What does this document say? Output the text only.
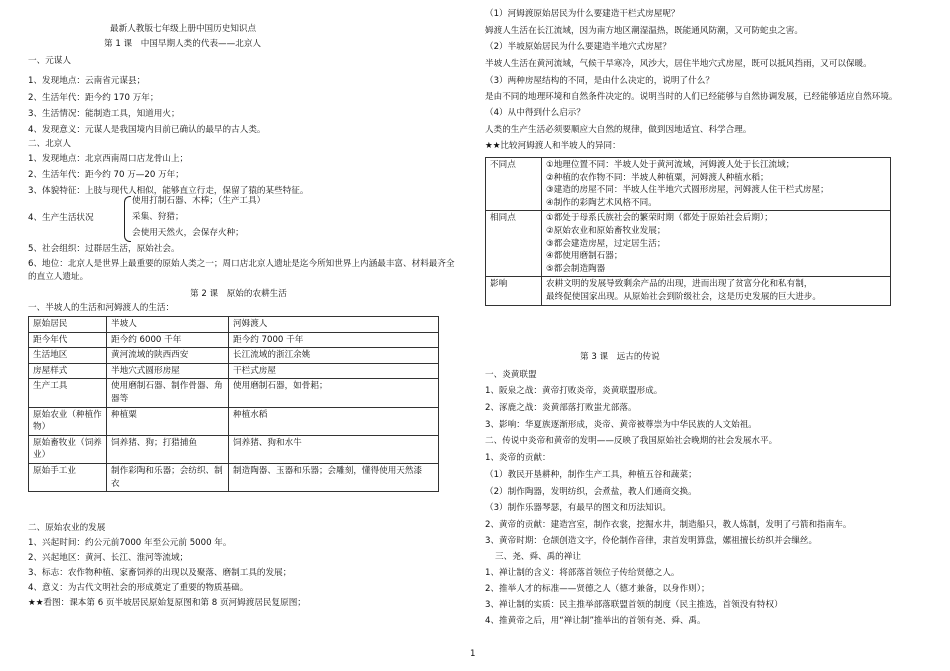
最新人教版七年级上册中国历史知识点
第 1 课　中国早期人类的代表——北京人
一、元谋人
1、发现地点：云南省元谋县；
2、生活年代：距今约 170 万年；
3、生活情况：能制造工具，知道用火；
4、发现意义：元谋人是我国境内目前已确认的最早的古人类。
二、北京人
1、发现地点：北京西南周口店龙骨山上；
2、生活年代：距今约 70 万—20 万年；
3、体貌特征：上肢与现代人相似，能够直立行走，保留了猿的某些特征。
4、生产生活状况
使用打制石器、木棒；（生产工具）
采集、狩猎；
会使用天然火，会保存火种；
5、社会组织：过群居生活，原始社会。
6、地位：北京人是世界上最重要的原始人类之一；周口店北京人遗址是迄今所知世界上内涵最丰富、材料最齐全
的直立人遗址。
第 2 课　原始的农耕生活
一、半坡人的生活和河姆渡人的生活：
原始居民	半坡人	河姆渡人
距今年代	距今约 6000 千年	距今约 7000 千年
生活地区	黄河流域的陕西西安	长江流域的浙江余姚
房屋样式	半地穴式圆形房屋	干栏式房屋
生产工具	使用磨制石器、制作骨器、角器等	使用磨制石器，如骨耜；
原始农业（种植作物）	种植粟	种植水稻
原始畜牧业（饲养业）	饲养猪、狗；打猎捕鱼	饲养猪、狗和水牛
原始手工业	制作彩陶和乐器；会纺织、制衣	制造陶器、玉器和乐器；会雕刻，懂得使用天然漆
二、原始农业的发展
1、兴起时间：约公元前7000 年至公元前 5000 年。
2、兴起地区：黄河、长江、淮河等流域；
3、标志：农作物种植、家畜饲养的出现以及聚落、磨制工具的发展；
4、意义：为古代文明社会的形成奠定了重要的物质基础。
★★看图：课本第 6 页半坡居民原始复原图和第 8 页河姆渡居民复原图；
（1）河姆渡原始居民为什么要建造干栏式房屋呢？
姆渡人生活在长江流域，因为南方地区潮湿温热，既能通风防潮，又可防蛇虫之害。
（2）半坡原始居民为什么要建造半地穴式房屋？
半坡人生活在黄河流域，气候干旱寒冷，风沙大，居住半地穴式房屋，既可以抵风挡雨，又可以保暖。
（3）两种房屋结构的不同，是由什么决定的，说明了什么？
是由不同的地理环境和自然条件决定的。说明当时的人们已经能够与自然协调发展，已经能够适应自然环境。
（4）从中得到什么启示？
人类的生产生活必须要顺应大自然的规律，做到因地适宜、科学合理。
★★比较河姆渡人和半坡人的异同：
不同点	①地理位置不同：半坡人处于黄河流域，河姆渡人处于长江流域；
②种植的农作物不同：半坡人种植粟，河姆渡人种植水稻；
③建造的房屋不同：半坡人住半地穴式圆形房屋，河姆渡人住干栏式房屋；
④制作的彩陶艺术风格不同。

相同点	①都处于母系氏族社会的繁荣时期（都处于原始社会后期）；
②原始农业和原始畜牧业发展；
③都会建造房屋，过定居生活；
④都使用磨制石器；
⑤都会制造陶器

影响	农耕文明的发展导致剩余产品的出现，进而出现了贫富分化和私有制，
最终促使国家出现。从原始社会到阶级社会，这是历史发展的巨大进步。
第 3 课　远古的传说
一、炎黄联盟
1、阪泉之战：黄帝打败炎帝，炎黄联盟形成。
2、涿鹿之战：炎黄部落打败蚩尤部落。
3、影响：华夏族逐渐形成，炎帝、黄帝被尊崇为中华民族的人文始祖。
二、传说中炎帝和黄帝的发明——反映了我国原始社会晚期的社会发展水平。
1、炎帝的贡献：
（1）教民开垦耕种，制作生产工具，种植五谷和蔬菜；
（2）制作陶器，发明纺织，会煮盐，教人们通商交换。
（3）制作乐器琴瑟，有最早的图文和历法知识。
2、黄帝的贡献：建造宫室，制作衣裳，挖掘水井，制造船只，教人炼制，发明了弓箭和指南车。
3、黄帝时期：仓颉创造文字，伶伦制作音律，隶首发明算盘，嫘祖擅长纺织并会缫丝。
三、尧、舜、禹的禅让
1、禅让制的含义：将部落首领位子传给贤德之人。
2、推举人才的标准——贤德之人（德才兼备，以身作则）；
3、禅让制的实质：民主推举部落联盟首领的制度（民主推选，首领没有特权）
4、推黄帝之后，用“禅让制”推举出的首领有尧、舜、禹。
1
